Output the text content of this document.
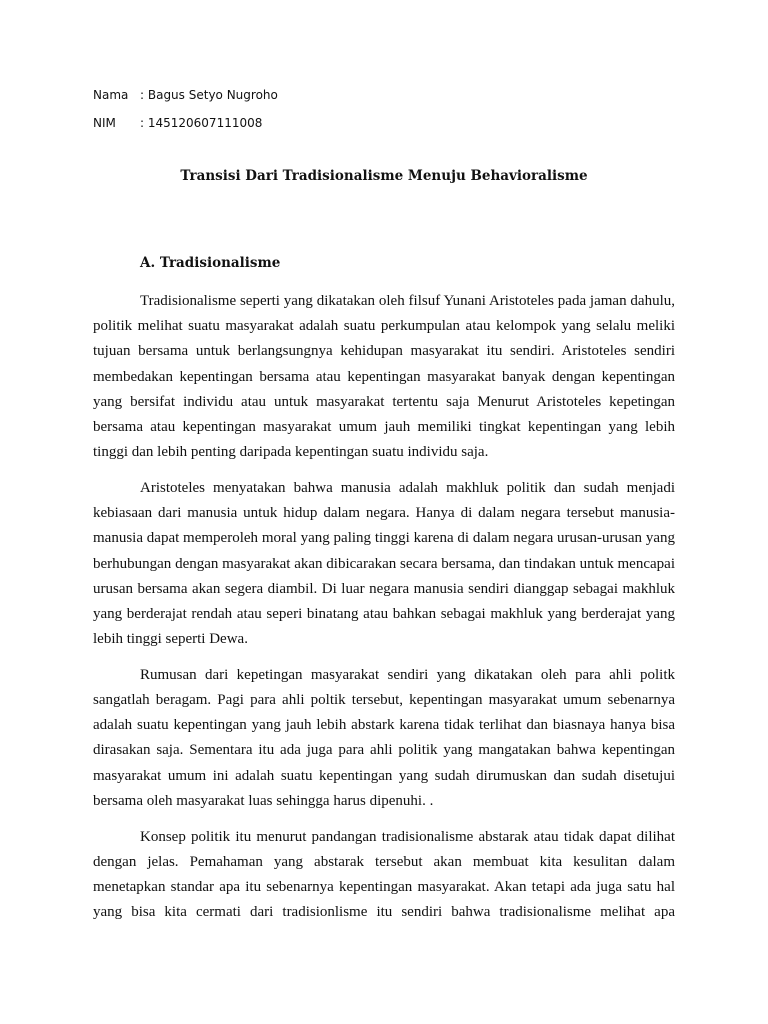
Nama : Bagus Setyo Nugroho
NIM : 145120607111008
Transisi Dari Tradisionalisme Menuju Behavioralisme
A. Tradisionalisme

Tradisionalisme seperti yang dikatakan oleh filsuf Yunani Aristoteles pada jaman dahulu, politik melihat suatu masyarakat adalah suatu perkumpulan atau kelompok yang selalu meliki tujuan bersama untuk berlangsungnya kehidupan masyarakat itu sendiri. Aristoteles sendiri membedakan kepentingan bersama atau kepentingan masyarakat banyak dengan kepentingan yang bersifat individu atau untuk masyarakat tertentu saja Menurut Aristoteles kepetingan bersama atau kepentingan masyarakat umum jauh memiliki tingkat kepentingan yang lebih tinggi dan lebih penting daripada kepentingan suatu individu saja.

Aristoteles menyatakan bahwa manusia adalah makhluk politik dan sudah menjadi kebiasaan dari manusia untuk hidup dalam negara. Hanya di dalam negara tersebut manusia-manusia dapat memperoleh moral yang paling tinggi karena di dalam negara urusan-urusan yang berhubungan dengan masyarakat akan dibicarakan secara bersama, dan tindakan untuk mencapai urusan bersama akan segera diambil. Di luar negara manusia sendiri dianggap sebagai makhluk yang berderajat rendah atau seperi binatang atau bahkan sebagai makhluk yang berderajat yang lebih tinggi seperti Dewa.

Rumusan dari kepetingan masyarakat sendiri yang dikatakan oleh para ahli politk sangatlah beragam. Pagi para ahli poltik tersebut, kepentingan masyarakat umum sebenarnya adalah suatu kepentingan yang jauh lebih abstark karena tidak terlihat dan biasnaya hanya bisa dirasakan saja. Sementara itu ada juga para ahli politik yang mangatakan bahwa kepentingan masyarakat umum ini adalah suatu kepentingan yang sudah dirumuskan dan sudah disetujui bersama oleh masyarakat luas sehingga harus dipenuhi. .

Konsep politik itu menurut pandangan tradisionalisme abstarak atau tidak dapat dilihat dengan jelas. Pemahaman yang abstarak tersebut akan membuat kita kesulitan dalam menetapkan standar apa itu sebenarnya kepentingan masyarakat. Akan tetapi ada juga satu hal yang bisa kita cermati dari tradisionlisme itu sendiri bahwa tradisionalisme melihat apa
